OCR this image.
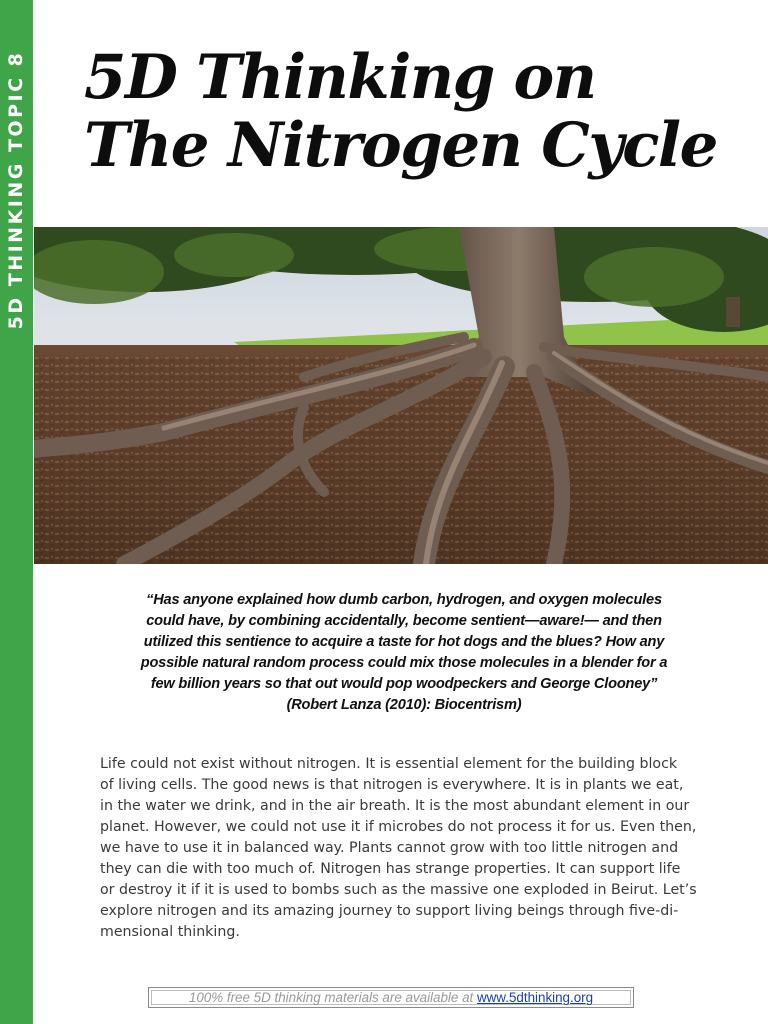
5D THINKING TOPIC 8 5D Thinking on
The Nitrogen Cycle
“Has anyone explained how dumb carbon, hydrogen, and oxygen molecules
could have, by combining accidentally, become sentient—aware!— and then
utilized this sentience to acquire a taste for hot dogs and the blues? How any
possible natural random process could mix those molecules in a blender for a
few billion years so that out would pop woodpeckers and George Clooney”
(Robert Lanza (2010): Biocentrism)
Life could not exist without nitrogen. It is essential element for the building block
of living cells. The good news is that nitrogen is everywhere. It is in plants we eat,
in the water we drink, and in the air breath. It is the most abundant element in our
planet. However, we could not use it if microbes do not process it for us. Even then,
we have to use it in balanced way. Plants cannot grow with too little nitrogen and
they can die with too much of. Nitrogen has strange properties. It can support life
or destroy it if it is used to bombs such as the massive one exploded in Beirut. Let’s
explore nitrogen and its amazing journey to support living beings through five-di-
mensional thinking.
100% free 5D thinking materials are available at www.5dthinking.org
